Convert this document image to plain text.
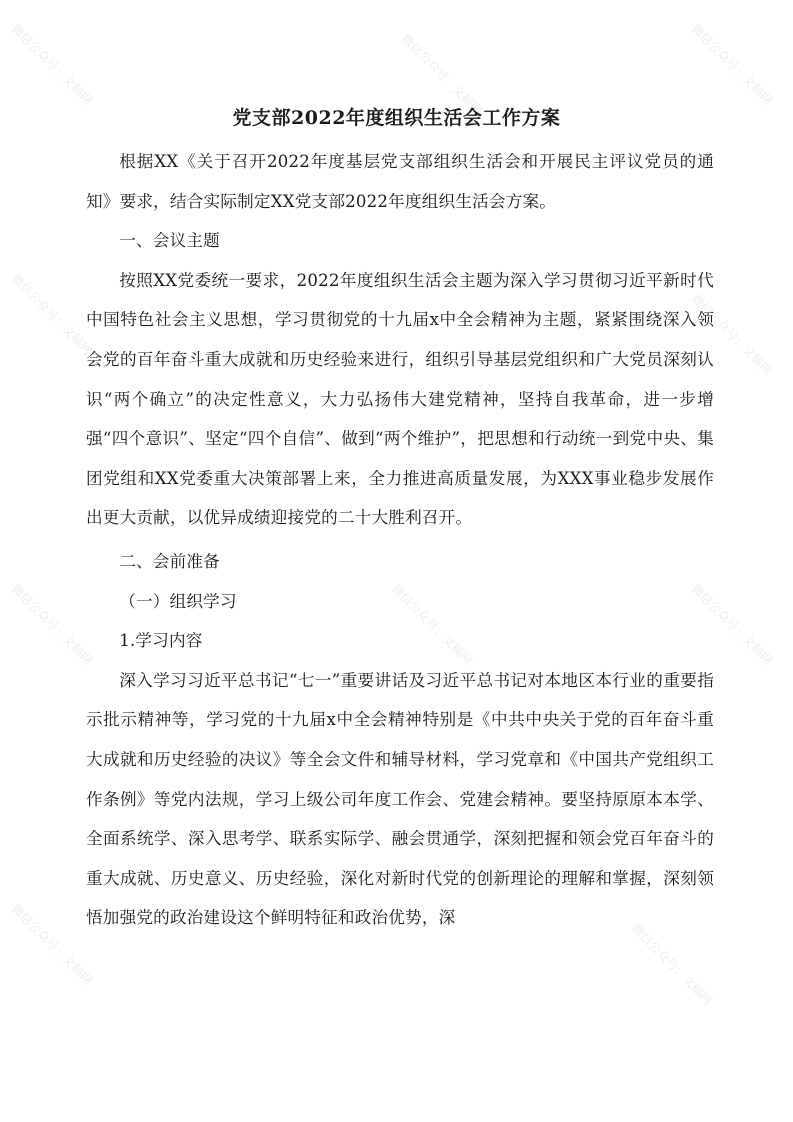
微信公众号：文稿网	微信公众号：文稿网	微信公众号：文稿网
微信公众号：文稿网	微信公众号：文稿网
微信公众号：文稿网	微信公众号：文稿网	微信公众号：文稿网
微信公众号：文稿网	微信公众号：文稿网
党支部2022年度组织生活会工作方案

根据XX《关于召开2022年度基层党支部组织生活会和开展民主评议党员的通知》要求，结合实际制定XX党支部2022年度组织生活会方案。

一、会议主题

按照XX党委统一要求，2022年度组织生活会主题为深入学习贯彻习近平新时代中国特色社会主义思想，学习贯彻党的十九届x中全会精神为主题，紧紧围绕深入领会党的百年奋斗重大成就和历史经验来进行，组织引导基层党组织和广大党员深刻认识“两个确立”的决定性意义，大力弘扬伟大建党精神，坚持自我革命，进一步增强“四个意识”、坚定“四个自信”、做到“两个维护”，把思想和行动统一到党中央、集团党组和XX党委重大决策部署上来，全力推进高质量发展，为XXX事业稳步发展作出更大贡献，以优异成绩迎接党的二十大胜利召开。

二、会前准备

（一）组织学习

1.学习内容

深入学习习近平总书记“七一”重要讲话及习近平总书记对本地区本行业的重要指示批示精神等，学习党的十九届x中全会精神特别是《中共中央关于党的百年奋斗重大成就和历史经验的决议》等全会文件和辅导材料，学习党章和《中国共产党组织工作条例》等党内法规，学习上级公司年度工作会、党建会精神。要坚持原原本本学、全面系统学、深入思考学、联系实际学、融会贯通学，深刻把握和领会党百年奋斗的重大成就、历史意义、历史经验，深化对新时代党的创新理论的理解和掌握，深刻领悟加强党的政治建设这个鲜明特征和政治优势，深
